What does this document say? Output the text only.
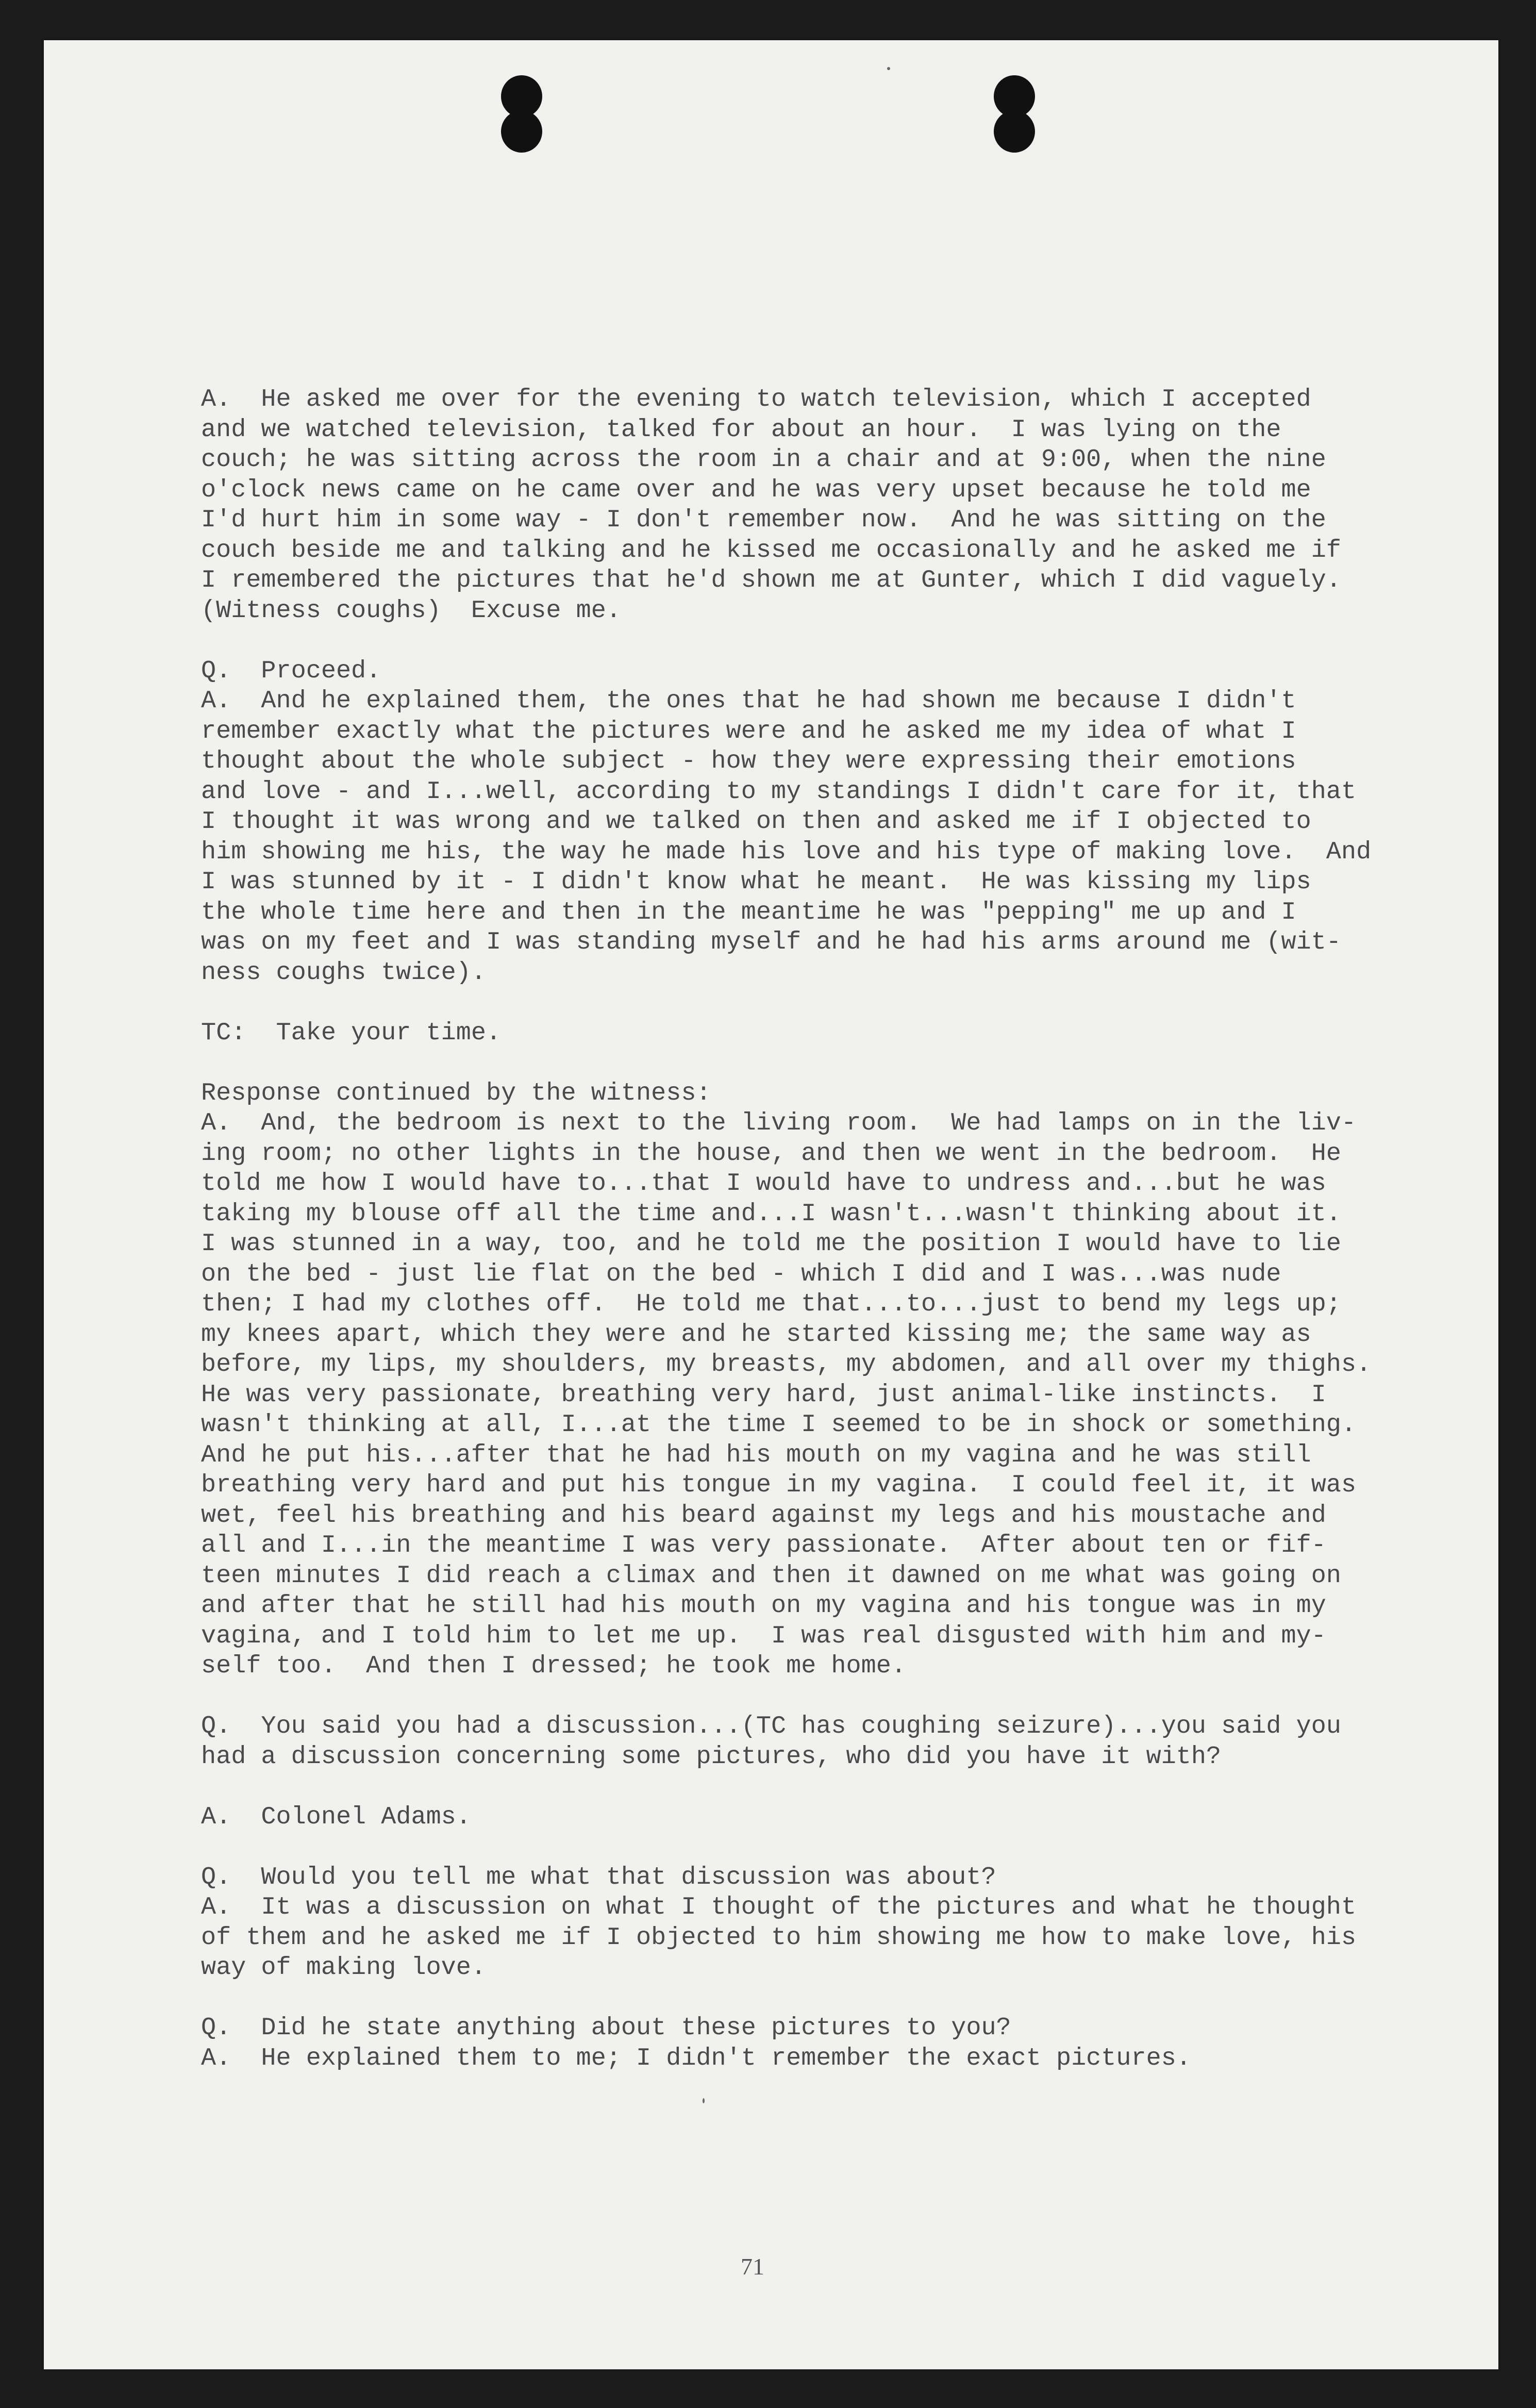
A.  He asked me over for the evening to watch television, which I accepted
and we watched television, talked for about an hour.  I was lying on the
couch; he was sitting across the room in a chair and at 9:00, when the nine
o'clock news came on he came over and he was very upset because he told me
I'd hurt him in some way - I don't remember now.  And he was sitting on the
couch beside me and talking and he kissed me occasionally and he asked me if
I remembered the pictures that he'd shown me at Gunter, which I did vaguely.
(Witness coughs)  Excuse me.
Q.  Proceed.
A.  And he explained them, the ones that he had shown me because I didn't
remember exactly what the pictures were and he asked me my idea of what I
thought about the whole subject - how they were expressing their emotions
and love - and I...well, according to my standings I didn't care for it, that
I thought it was wrong and we talked on then and asked me if I objected to
him showing me his, the way he made his love and his type of making love.  And
I was stunned by it - I didn't know what he meant.  He was kissing my lips
the whole time here and then in the meantime he was "pepping" me up and I
was on my feet and I was standing myself and he had his arms around me (wit-
ness coughs twice).
TC:  Take your time.
Response continued by the witness:
A.  And, the bedroom is next to the living room.  We had lamps on in the liv-
ing room; no other lights in the house, and then we went in the bedroom.  He
told me how I would have to...that I would have to undress and...but he was
taking my blouse off all the time and...I wasn't...wasn't thinking about it.
I was stunned in a way, too, and he told me the position I would have to lie
on the bed - just lie flat on the bed - which I did and I was...was nude
then; I had my clothes off.  He told me that...to...just to bend my legs up;
my knees apart, which they were and he started kissing me; the same way as
before, my lips, my shoulders, my breasts, my abdomen, and all over my thighs.
He was very passionate, breathing very hard, just animal-like instincts.  I
wasn't thinking at all, I...at the time I seemed to be in shock or something.
And he put his...after that he had his mouth on my vagina and he was still
breathing very hard and put his tongue in my vagina.  I could feel it, it was
wet, feel his breathing and his beard against my legs and his moustache and
all and I...in the meantime I was very passionate.  After about ten or fif-
teen minutes I did reach a climax and then it dawned on me what was going on
and after that he still had his mouth on my vagina and his tongue was in my
vagina, and I told him to let me up.  I was real disgusted with him and my-
self too.  And then I dressed; he took me home.
Q.  You said you had a discussion...(TC has coughing seizure)...you said you
had a discussion concerning some pictures, who did you have it with?
A.  Colonel Adams.
Q.  Would you tell me what that discussion was about?
A.  It was a discussion on what I thought of the pictures and what he thought
of them and he asked me if I objected to him showing me how to make love, his
way of making love.
Q.  Did he state anything about these pictures to you?
A.  He explained them to me; I didn't remember the exact pictures.
71
